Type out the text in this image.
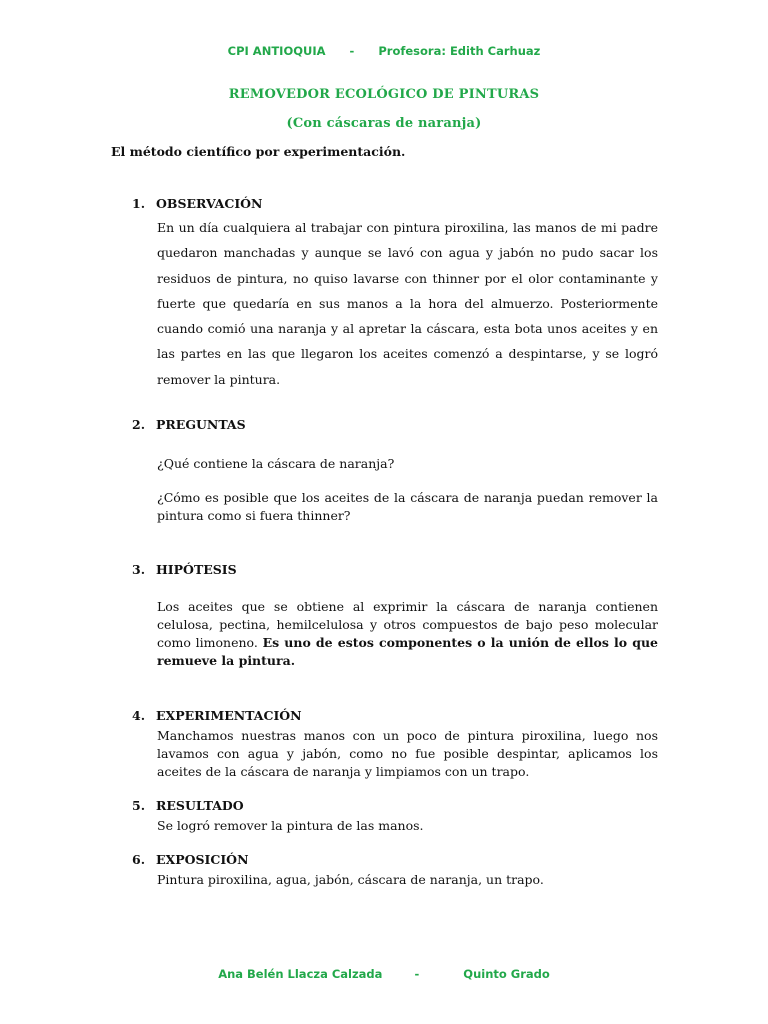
CPI ANTIOQUIA - Profesora: Edith Carhuaz
REMOVEDOR ECOLÓGICO DE PINTURAS
(Con cáscaras de naranja)
El método científico por experimentación.
1. OBSERVACIÓN

En un día cualquiera al trabajar con pintura piroxilina, las manos de mi padre quedaron manchadas y aunque se lavó con agua y jabón no pudo sacar los residuos de pintura, no quiso lavarse con thinner por el olor contaminante y fuerte que quedaría en sus manos a la hora del almuerzo. Posteriormente cuando comió una naranja y al apretar la cáscara, esta bota unos aceites y en las partes en las que llegaron los aceites comenzó a despintarse, y se logró remover la pintura.

2. PREGUNTAS

¿Qué contiene la cáscara de naranja?

¿Cómo es posible que los aceites de la cáscara de naranja puedan remover la pintura como si fuera thinner?

3. HIPÓTESIS

Los aceites que se obtiene al exprimir la cáscara de naranja contienen celulosa, pectina, hemilcelulosa y otros compuestos de bajo peso molecular como limoneno. Es uno de estos componentes o la unión de ellos lo que remueve la pintura.

4. EXPERIMENTACIÓN

Manchamos nuestras manos con un poco de pintura piroxilina, luego nos lavamos con agua y jabón, como no fue posible despintar, aplicamos los aceites de la cáscara de naranja y limpiamos con un trapo.

5. RESULTADO

Se logró remover la pintura de las manos.

6. EXPOSICIÓN

Pintura piroxilina, agua, jabón, cáscara de naranja, un trapo.

Ana Belén Llacza Calzada	-	Quinto Grado
